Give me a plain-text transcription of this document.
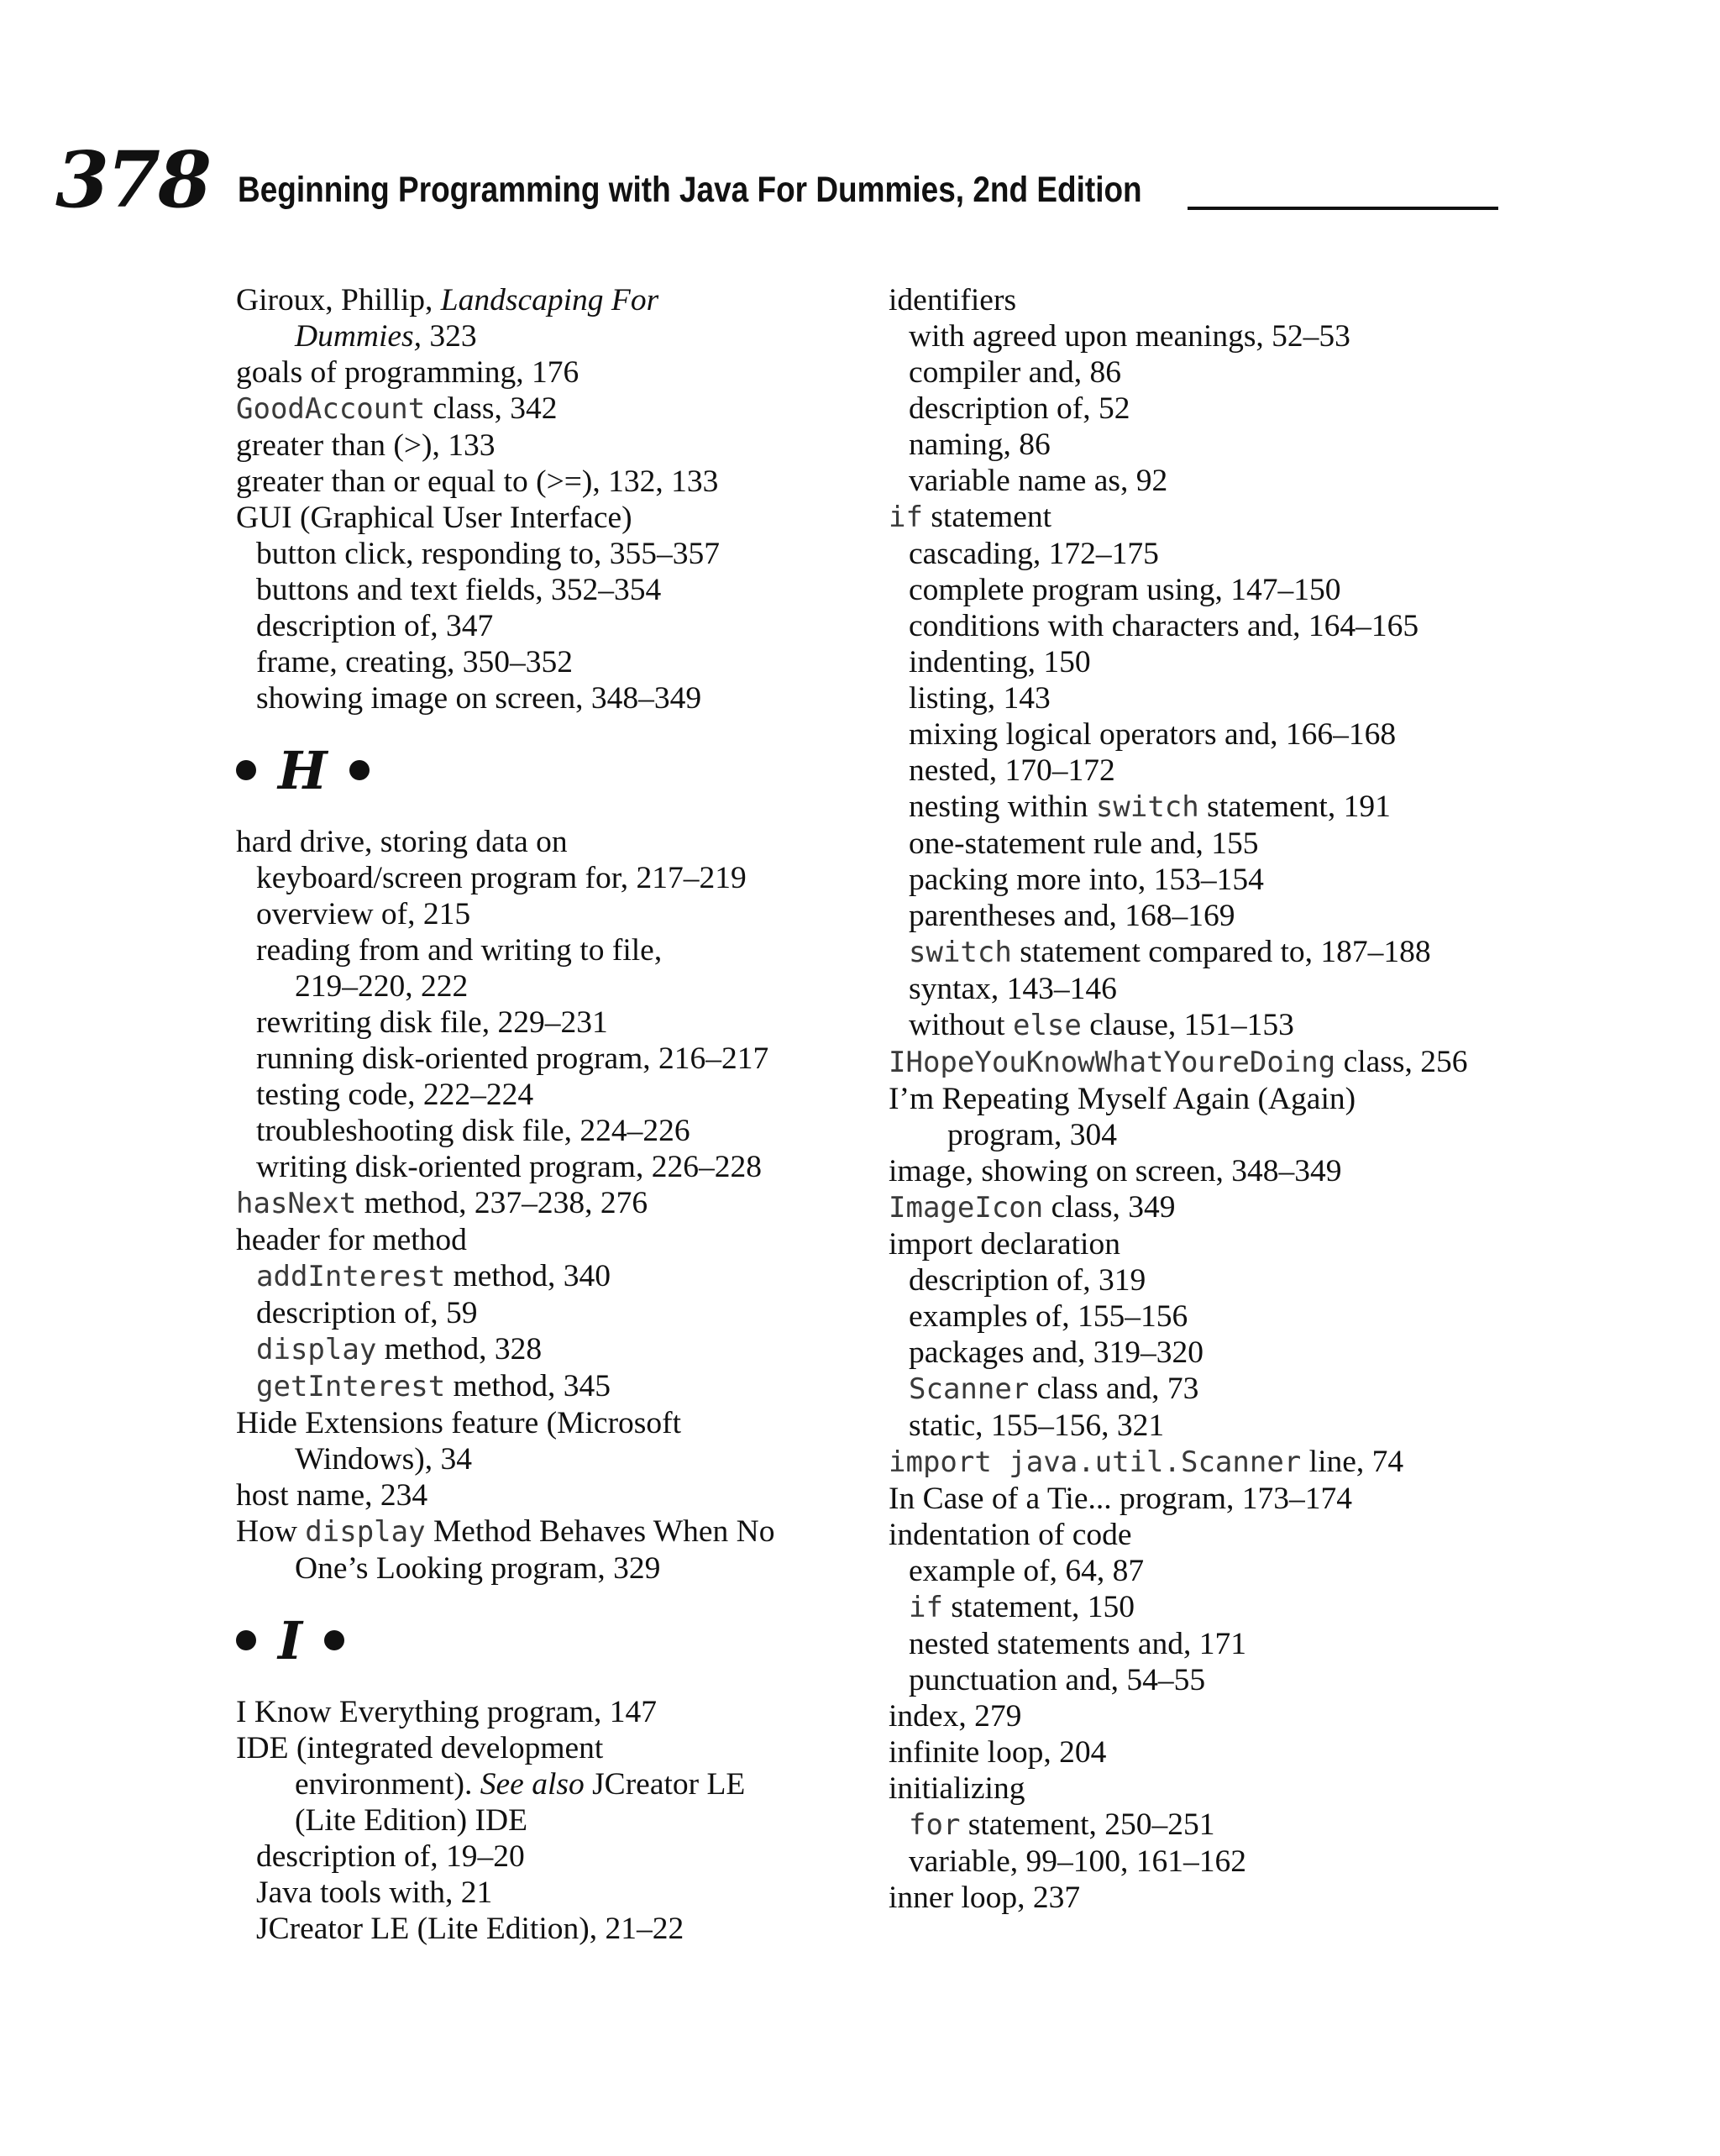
378 Beginning Programming with Java For Dummies, 2nd Edition
Giroux, Phillip, Landscaping For
Dummies, 323
goals of programming, 176
GoodAccount class, 342
greater than (>), 133
greater than or equal to (>=), 132, 133
GUI (Graphical User Interface)
button click, responding to, 355–357
buttons and text fields, 352–354
description of, 347
frame, creating, 350–352
showing image on screen, 348–349
H
hard drive, storing data on
keyboard/screen program for, 217–219
overview of, 215
reading from and writing to file,
219–220, 222
rewriting disk file, 229–231
running disk-oriented program, 216–217
testing code, 222–224
troubleshooting disk file, 224–226
writing disk-oriented program, 226–228
hasNext method, 237–238, 276
header for method
addInterest method, 340
description of, 59
display method, 328
getInterest method, 345
Hide Extensions feature (Microsoft
Windows), 34
host name, 234
How display Method Behaves When No
One’s Looking program, 329
I
I Know Everything program, 147
IDE (integrated development
environment). See also JCreator LE
(Lite Edition) IDE
description of, 19–20
Java tools with, 21
JCreator LE (Lite Edition), 21–22
identifiers
with agreed upon meanings, 52–53
compiler and, 86
description of, 52
naming, 86
variable name as, 92
if statement
cascading, 172–175
complete program using, 147–150
conditions with characters and, 164–165
indenting, 150
listing, 143
mixing logical operators and, 166–168
nested, 170–172
nesting within switch statement, 191
one-statement rule and, 155
packing more into, 153–154
parentheses and, 168–169
switch statement compared to, 187–188
syntax, 143–146
without else clause, 151–153
IHopeYouKnowWhatYoureDoing class, 256
I’m Repeating Myself Again (Again)
program, 304
image, showing on screen, 348–349
ImageIcon class, 349
import declaration
description of, 319
examples of, 155–156
packages and, 319–320
Scanner class and, 73
static, 155–156, 321
import java.util.Scanner line, 74
In Case of a Tie... program, 173–174
indentation of code
example of, 64, 87
if statement, 150
nested statements and, 171
punctuation and, 54–55
index, 279
infinite loop, 204
initializing
for statement, 250–251
variable, 99–100, 161–162
inner loop, 237
